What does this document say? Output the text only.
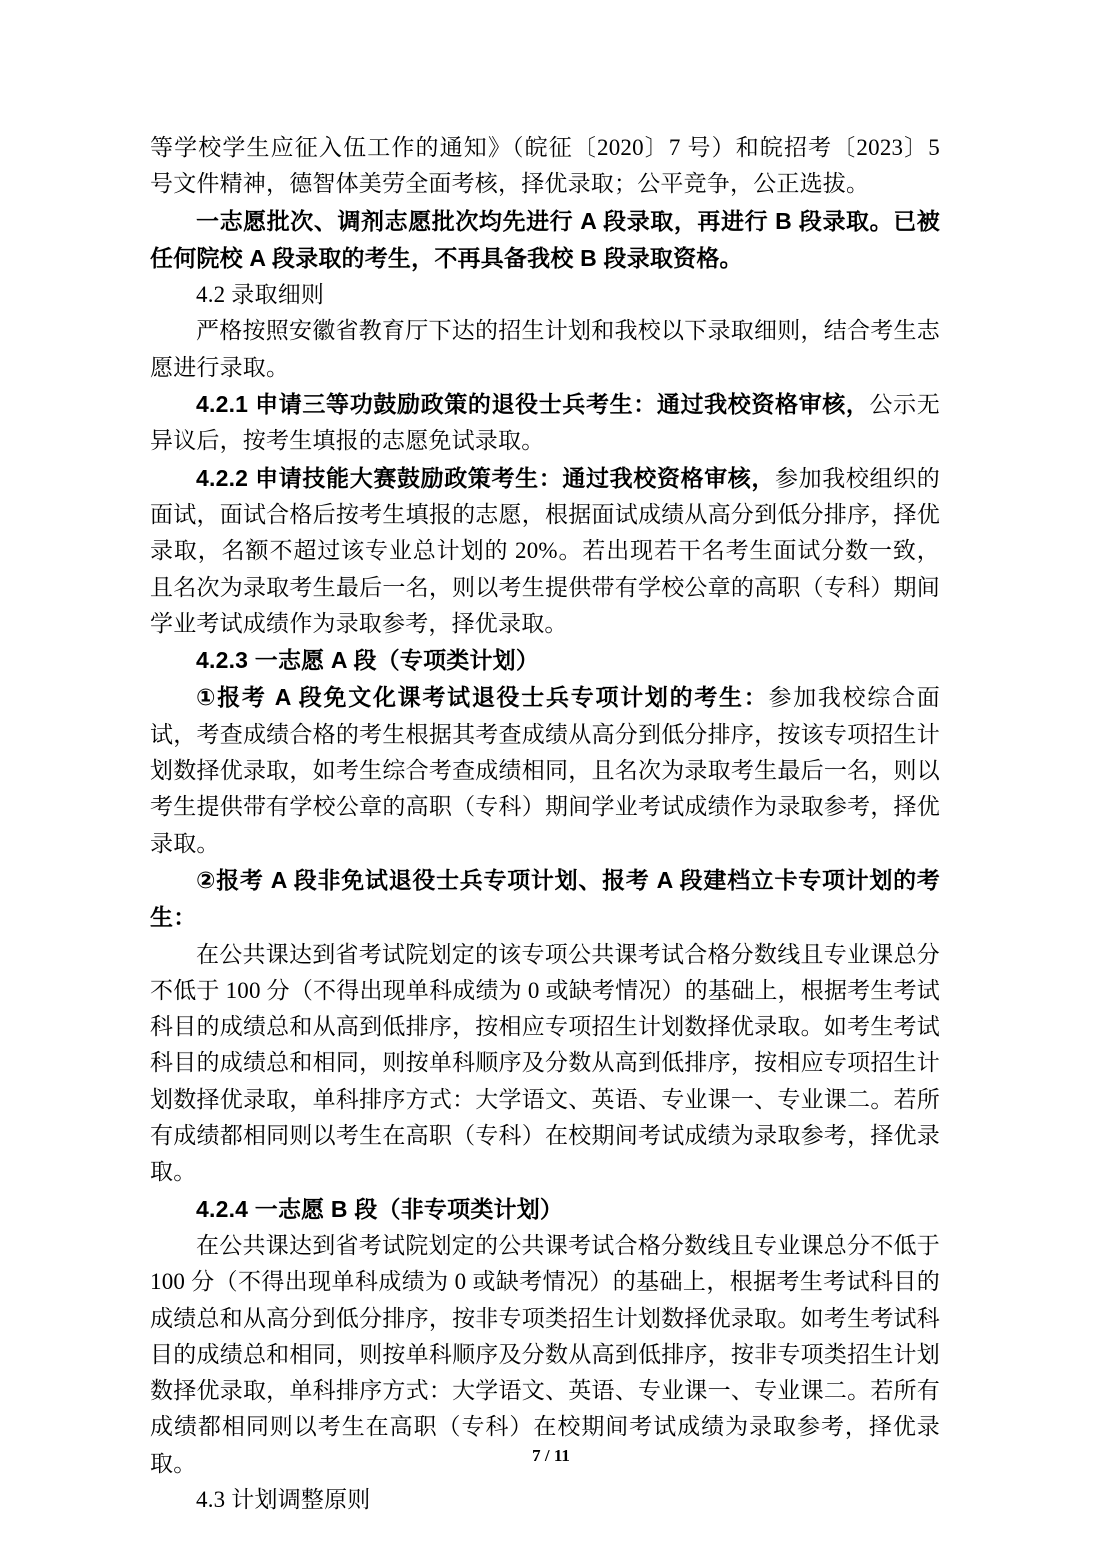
等学校学生应征入伍工作的通知》（皖征〔2020〕7 号）和皖招考〔2023〕5 号文件精神，德智体美劳全面考核，择优录取；公平竞争，公正选拔。

一志愿批次、调剂志愿批次均先进行 A 段录取，再进行 B 段录取。已被任何院校 A 段录取的考生，不再具备我校 B 段录取资格。

4.2 录取细则

严格按照安徽省教育厅下达的招生计划和我校以下录取细则，结合考生志愿进行录取。

4.2.1 申请三等功鼓励政策的退役士兵考生：通过我校资格审核，公示无异议后，按考生填报的志愿免试录取。

4.2.2 申请技能大赛鼓励政策考生：通过我校资格审核，参加我校组织的面试，面试合格后按考生填报的志愿，根据面试成绩从高分到低分排序，择优录取，名额不超过该专业总计划的 20%。若出现若干名考生面试分数一致，且名次为录取考生最后一名，则以考生提供带有学校公章的高职（专科）期间学业考试成绩作为录取参考，择优录取。

4.2.3 一志愿 A 段（专项类计划）

①报考 A 段免文化课考试退役士兵专项计划的考生：参加我校综合面试，考查成绩合格的考生根据其考查成绩从高分到低分排序，按该专项招生计划数择优录取，如考生综合考查成绩相同，且名次为录取考生最后一名，则以考生提供带有学校公章的高职（专科）期间学业考试成绩作为录取参考，择优录取。

②报考 A 段非免试退役士兵专项计划、报考 A 段建档立卡专项计划的考生：

在公共课达到省考试院划定的该专项公共课考试合格分数线且专业课总分不低于 100 分（不得出现单科成绩为 0 或缺考情况）的基础上，根据考生考试科目的成绩总和从高到低排序，按相应专项招生计划数择优录取。如考生考试科目的成绩总和相同，则按单科顺序及分数从高到低排序，按相应专项招生计划数择优录取，单科排序方式：大学语文、英语、专业课一、专业课二。若所有成绩都相同则以考生在高职（专科）在校期间考试成绩为录取参考，择优录取。

4.2.4 一志愿 B 段（非专项类计划）

在公共课达到省考试院划定的公共课考试合格分数线且专业课总分不低于 100 分（不得出现单科成绩为 0 或缺考情况）的基础上，根据考生考试科目的成绩总和从高分到低分排序，按非专项类招生计划数择优录取。如考生考试科目的成绩总和相同，则按单科顺序及分数从高到低排序，按非专项类招生计划数择优录取，单科排序方式：大学语文、英语、专业课一、专业课二。若所有成绩都相同则以考生在高职（专科）在校期间考试成绩为录取参考，择优录取。

4.3 计划调整原则

7 / 11
